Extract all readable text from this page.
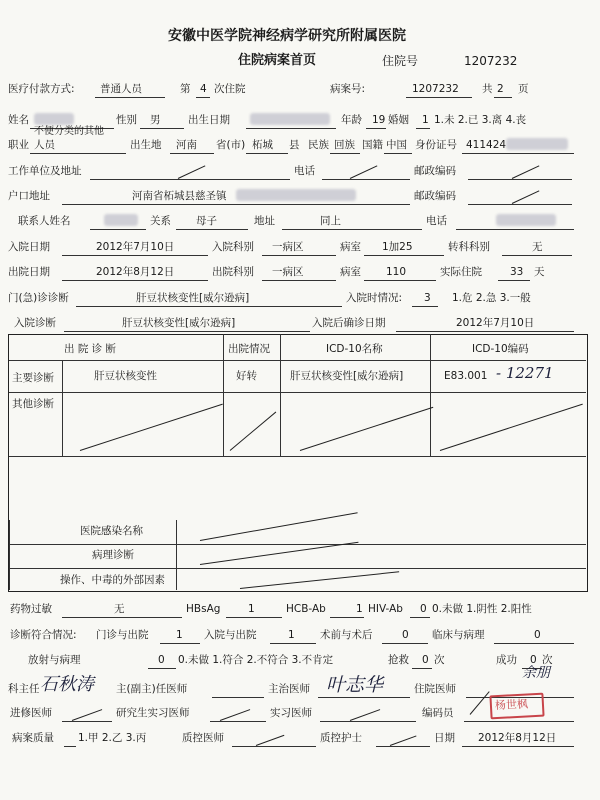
安徽中医学院神经病学研究所附属医院
住院病案首页	住院号	1207232
医疗付款方式: 普通人员	第 4 次住院	病案号:	1207232 共 2 页
姓名	性别 男	出生日期	年龄 19 婚姻 1 1.未 2.已 3.离 4.丧
不便分类的其他
职业 人员	出生地 河南 省(市) 柘城 县 民族 回族 国籍 中国 身份证号 411424
工作单位及地址	电话	邮政编码
户口地址	河南省柘城县慈圣镇	邮政编码
联系人姓名	关系 母子	地址	同上	电话
入院日期	2012年7月10日	入院科别 一病区	病室 1加25	转科科别	无
出院日期	2012年8月12日	出院科别 一病区	病室 110	实际住院	33 天
门(急)诊诊断	肝豆状核变性[威尔逊病]	入院时情况: 3 1.危 2.急 3.一般
入院诊断	肝豆状核变性[威尔逊病]	入院后确诊日期	2012年7月10日
出 院 诊 断	出院情况	ICD-10名称	ICD-10编码
主要诊断	肝豆状核变性	好转	肝豆状核变性[威尔逊病]	E83.001 - 12271
其他诊断
医院感染名称
病理诊断
操作、中毒的外部因素
药物过敏	无	HBsAg	1	HCB-Ab	1 HIV-Ab 0 0.未做 1.阴性 2.阳性
诊断符合情况: 门诊与出院	1 入院与出院	1 术前与术后	0 临床与病理	0
放射与病理	0 0.未做 1.符合 2.不符合 3.不肯定	抢救 0 次	成功 0 次
科主任 石秋涛 主(副主)任医师	主治医师 叶志华	住院医师
余朋
进修医师	研究生实习医师	实习医师	编码员
杨世枫
病案质量 1.甲 2.乙 3.丙	质控医师	质控护士	日期 2012年8月12日
